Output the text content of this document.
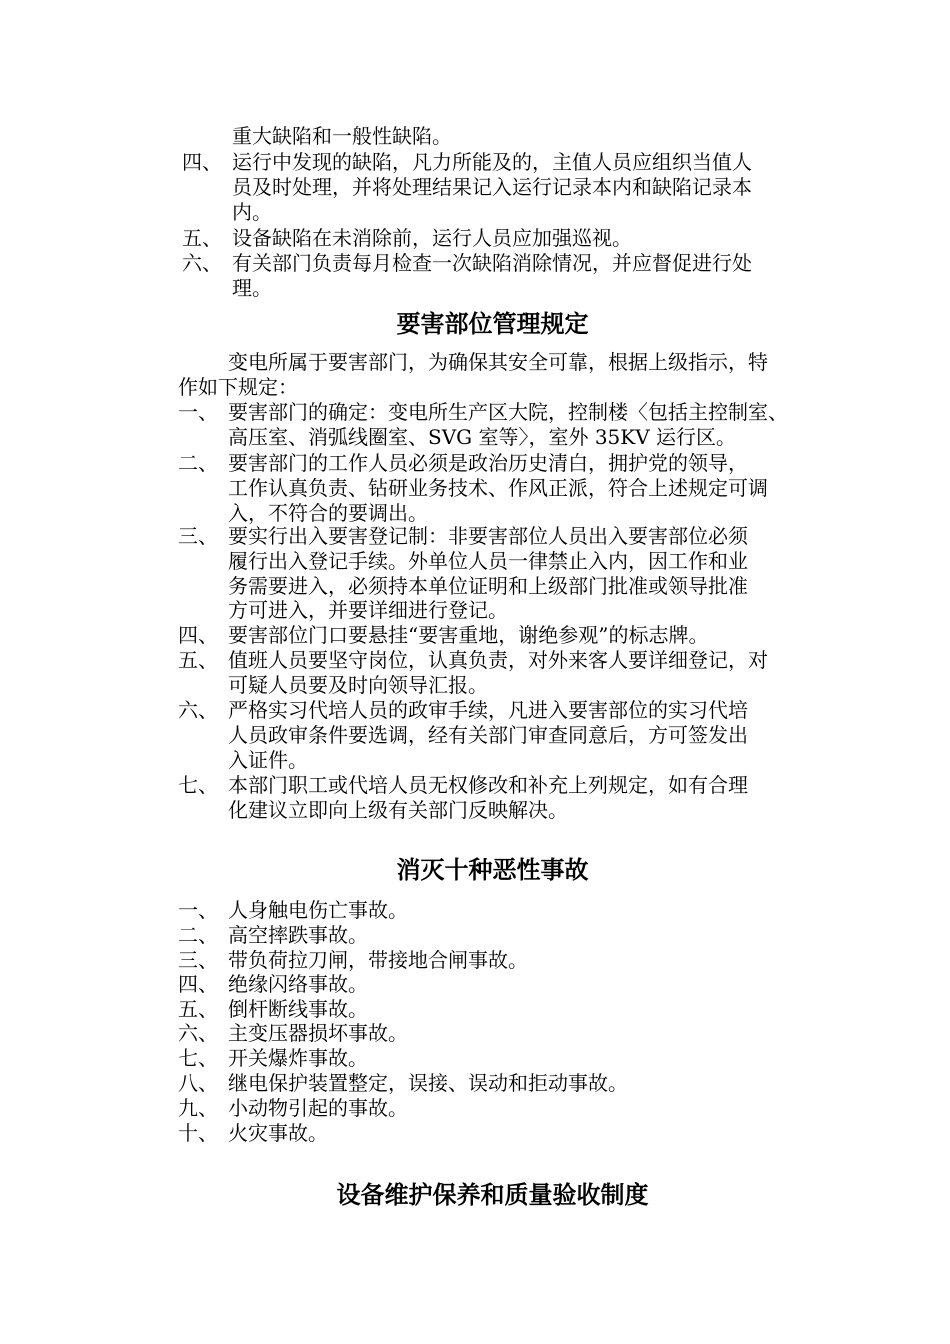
重大缺陷和一般性缺陷。
四、 运行中发现的缺陷，凡力所能及的，主值人员应组织当值人
员及时处理，并将处理结果记入运行记录本内和缺陷记录本
内。
五、 设备缺陷在未消除前，运行人员应加强巡视。
六、 有关部门负责每月检查一次缺陷消除情况，并应督促进行处
理。
要害部位管理规定
变电所属于要害部门，为确保其安全可靠，根据上级指示，特
作如下规定：
一、 要害部门的确定：变电所生产区大院，控制楼〈包括主控制室、
高压室、消弧线圈室、SVG 室等〉，室外 35KV 运行区。
二、 要害部门的工作人员必须是政治历史清白，拥护党的领导，
工作认真负责、钻研业务技术、作风正派，符合上述规定可调
入，不符合的要调出。
三、 要实行出入要害登记制：非要害部位人员出入要害部位必须
履行出入登记手续。外单位人员一律禁止入内，因工作和业
务需要进入，必须持本单位证明和上级部门批准或领导批准
方可进入，并要详细进行登记。
四、 要害部位门口要悬挂“要害重地，谢绝参观”的标志牌。
五、 值班人员要坚守岗位，认真负责，对外来客人要详细登记，对
可疑人员要及时向领导汇报。
六、 严格实习代培人员的政审手续，凡进入要害部位的实习代培
人员政审条件要选调，经有关部门审查同意后，方可签发出
入证件。
七、 本部门职工或代培人员无权修改和补充上列规定，如有合理
化建议立即向上级有关部门反映解决。
消灭十种恶性事故
一、 人身触电伤亡事故。
二、 高空摔跌事故。
三、 带负荷拉刀闸，带接地合闸事故。
四、 绝缘闪络事故。
五、 倒杆断线事故。
六、 主变压器损坏事故。
七、 开关爆炸事故。
八、 继电保护装置整定，误接、误动和拒动事故。
九、 小动物引起的事故。
十、 火灾事故。
设备维护保养和质量验收制度
